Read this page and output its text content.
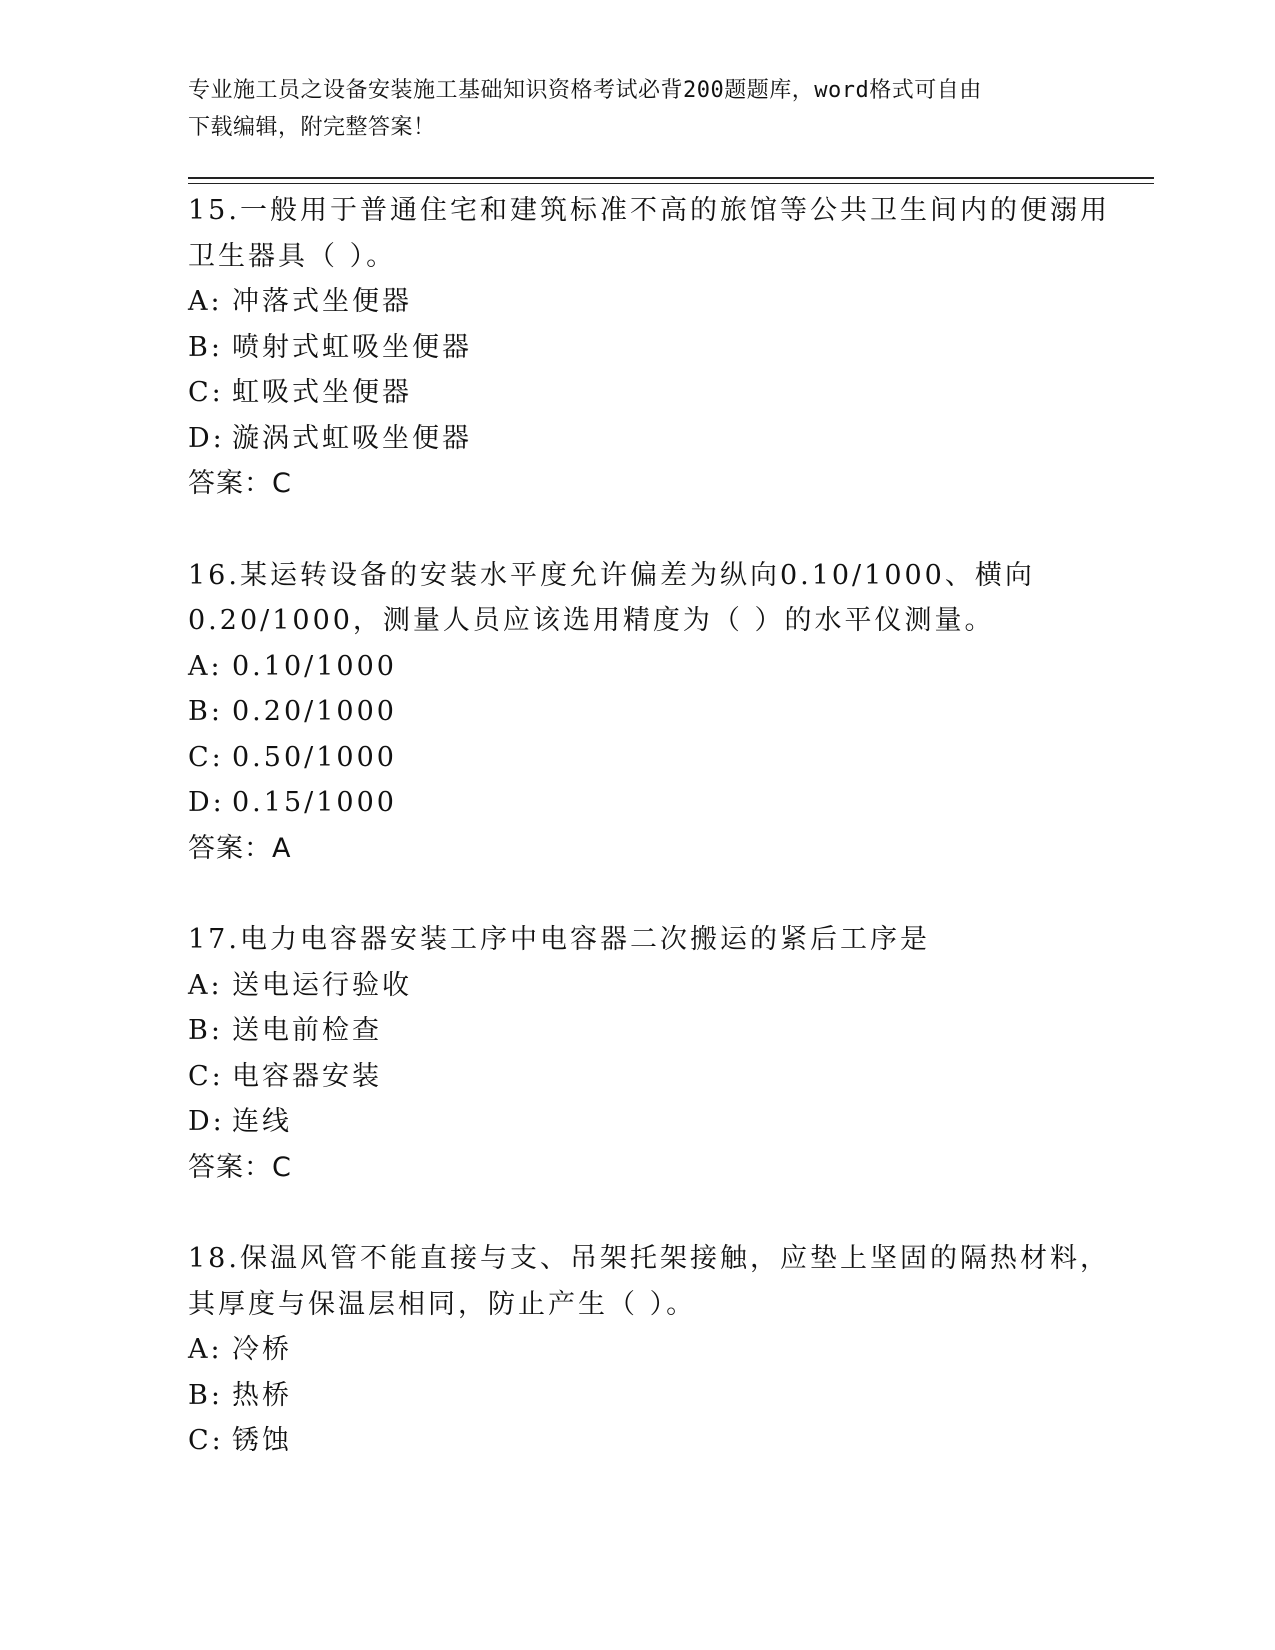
专业施工员之设备安装施工基础知识资格考试必背200题题库，word格式可自由
下载编辑，附完整答案！
15.一般用于普通住宅和建筑标准不高的旅馆等公共卫生间内的便溺用
卫生器具（ ）。
A: 冲落式坐便器
B: 喷射式虹吸坐便器
C: 虹吸式坐便器
D: 漩涡式虹吸坐便器
答案：C
16.某运转设备的安装水平度允许偏差为纵向0.10/1000、横向
0.20/1000，测量人员应该选用精度为（ ）的水平仪测量。
A: 0.10/1000
B: 0.20/1000
C: 0.50/1000
D: 0.15/1000
答案：A
17.电力电容器安装工序中电容器二次搬运的紧后工序是
A: 送电运行验收
B: 送电前检查
C: 电容器安装
D: 连线
答案：C
18.保温风管不能直接与支、吊架托架接触，应垫上坚固的隔热材料，
其厚度与保温层相同，防止产生（ ）。
A: 冷桥
B: 热桥
C: 锈蚀
